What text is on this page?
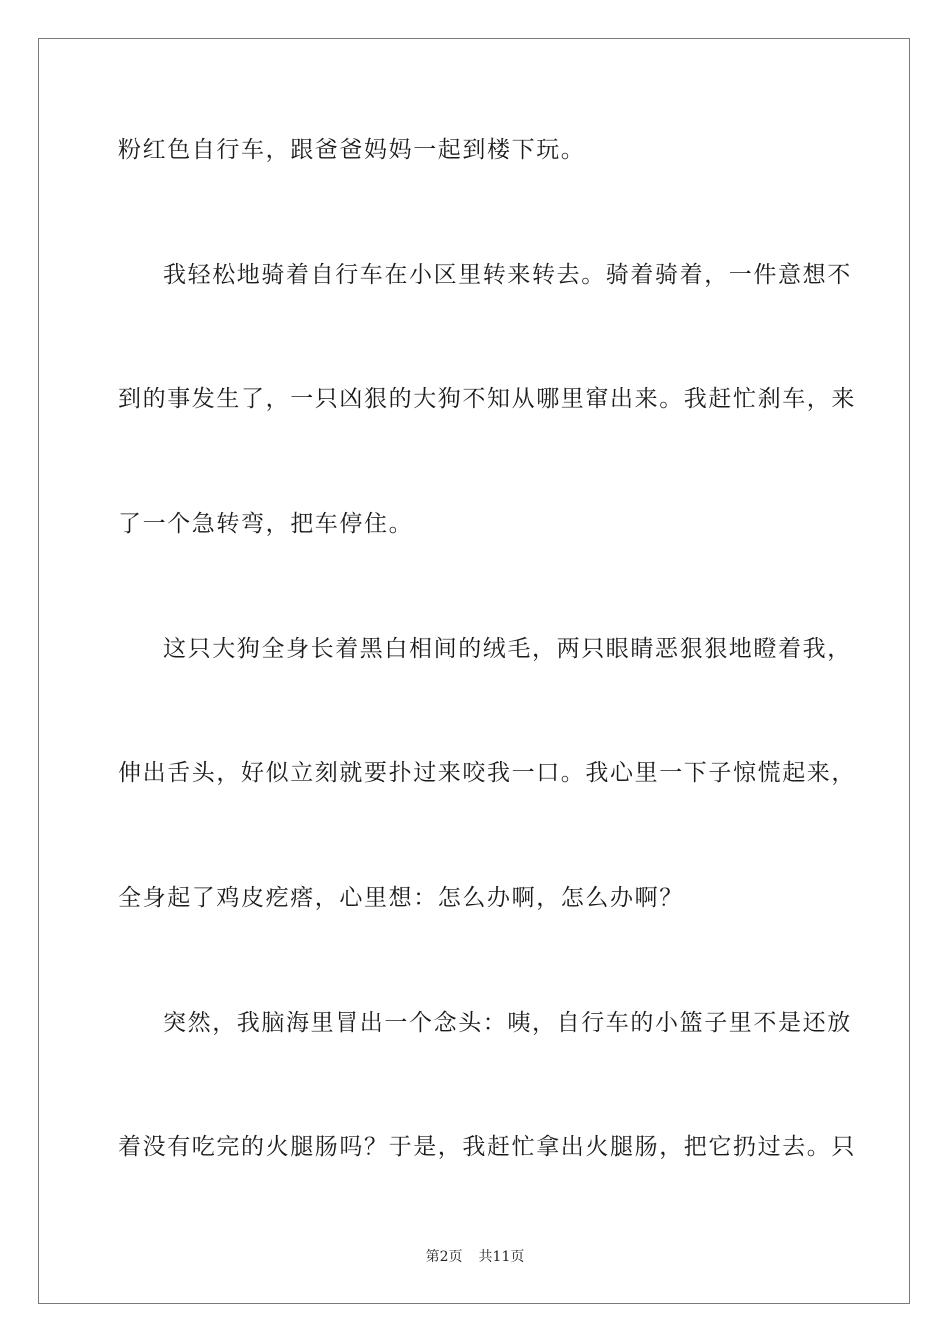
粉红色自行车，跟爸爸妈妈一起到楼下玩。
我轻松地骑着自行车在小区里转来转去。骑着骑着，一件意想不
到的事发生了，一只凶狠的大狗不知从哪里窜出来。我赶忙刹车，来
了一个急转弯，把车停住。
这只大狗全身长着黑白相间的绒毛，两只眼睛恶狠狠地瞪着我，
伸出舌头，好似立刻就要扑过来咬我一口。我心里一下子惊慌起来，
全身起了鸡皮疙瘩，心里想：怎么办啊，怎么办啊？
突然，我脑海里冒出一个念头：咦，自行车的小篮子里不是还放
着没有吃完的火腿肠吗？于是，我赶忙拿出火腿肠，把它扔过去。只
第2页 共11页
